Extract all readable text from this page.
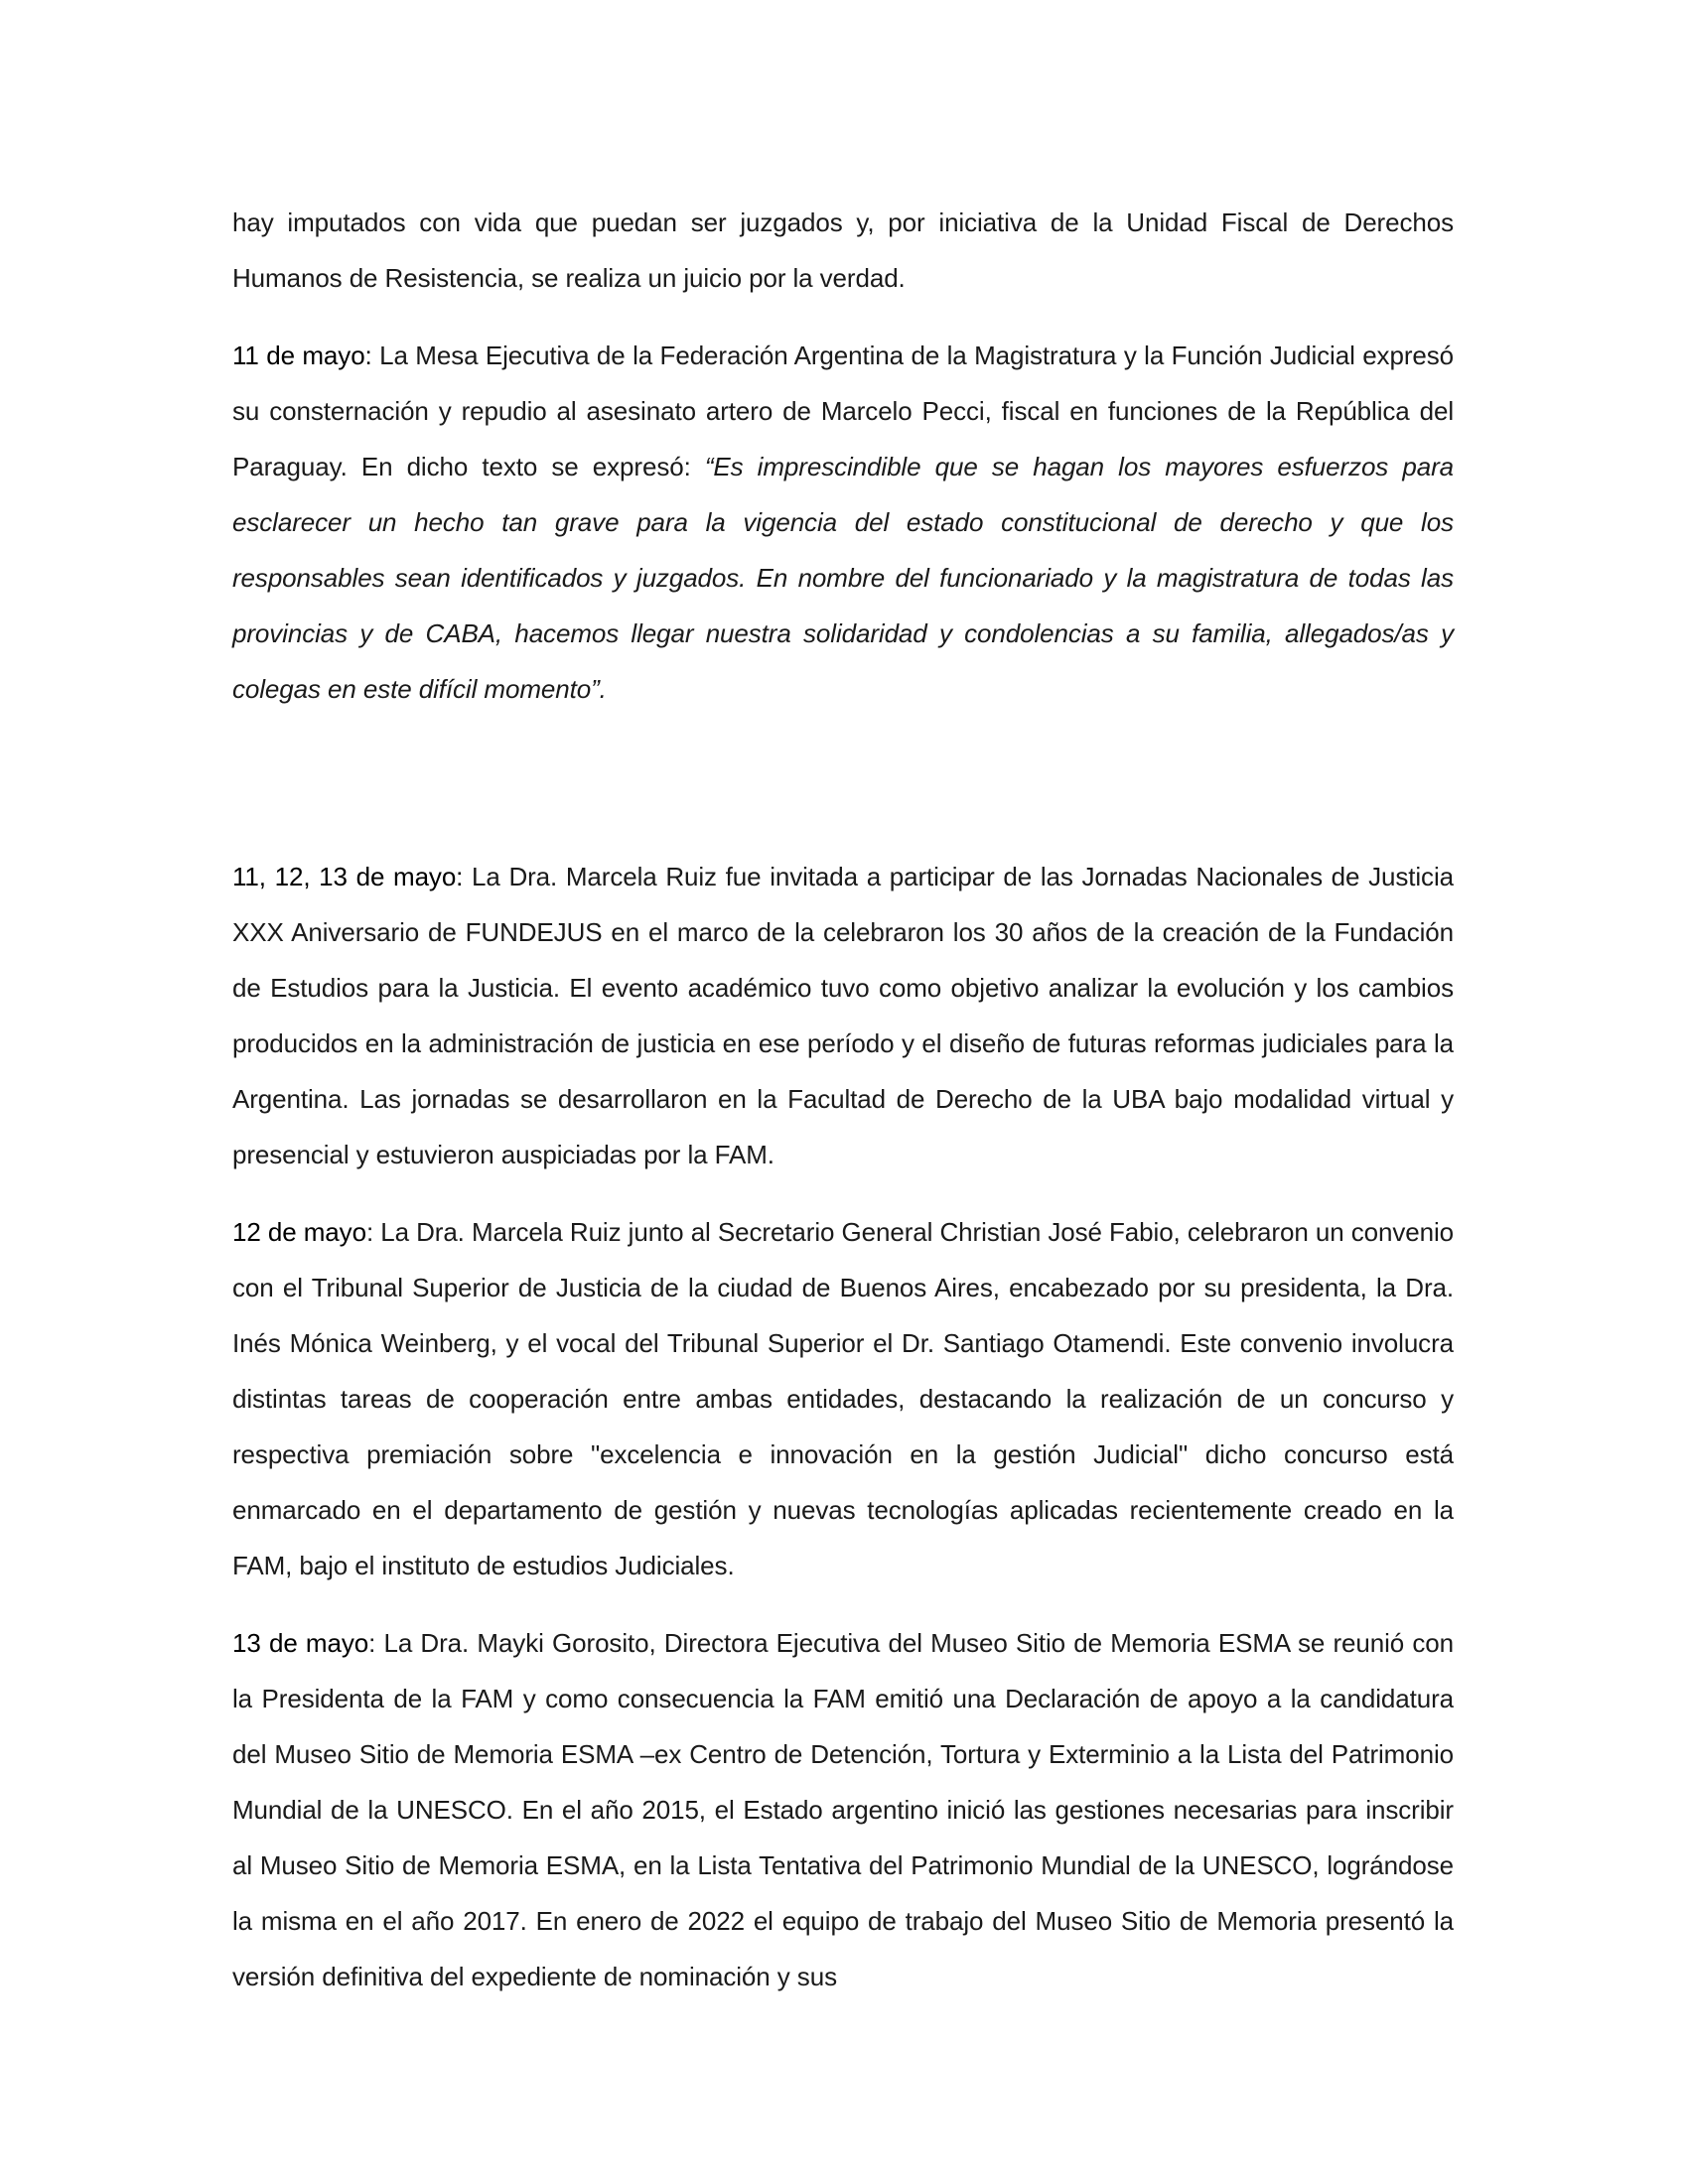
hay imputados con vida que puedan ser juzgados y, por iniciativa de la Unidad Fiscal de Derechos Humanos de Resistencia, se realiza un juicio por la verdad.

11 de mayo: La Mesa Ejecutiva de la Federación Argentina de la Magistratura y la Función Judicial expresó su consternación y repudio al asesinato artero de Marcelo Pecci, fiscal en funciones de la República del Paraguay. En dicho texto se expresó: “Es imprescindible que se hagan los mayores esfuerzos para esclarecer un hecho tan grave para la vigencia del estado constitucional de derecho y que los responsables sean identificados y juzgados. En nombre del funcionariado y la magistratura de todas las provincias y de CABA, hacemos llegar nuestra solidaridad y condolencias a su familia, allegados/as y colegas en este difícil momento”.

11, 12, 13 de mayo: La Dra. Marcela Ruiz fue invitada a participar de las Jornadas Nacionales de Justicia XXX Aniversario de FUNDEJUS en el marco de la celebraron los 30 años de la creación de la Fundación de Estudios para la Justicia. El evento académico tuvo como objetivo analizar la evolución y los cambios producidos en la administración de justicia en ese período y el diseño de futuras reformas judiciales para la Argentina. Las jornadas se desarrollaron en la Facultad de Derecho de la UBA bajo modalidad virtual y presencial y estuvieron auspiciadas por la FAM.

12 de mayo: La Dra. Marcela Ruiz junto al Secretario General Christian José Fabio, celebraron un convenio con el Tribunal Superior de Justicia de la ciudad de Buenos Aires, encabezado por su presidenta, la Dra. Inés Mónica Weinberg, y el vocal del Tribunal Superior el Dr. Santiago Otamendi. Este convenio involucra distintas tareas de cooperación entre ambas entidades, destacando la realización de un concurso y respectiva premiación sobre "excelencia e innovación en la gestión Judicial" dicho concurso está enmarcado en el departamento de gestión y nuevas tecnologías aplicadas recientemente creado en la FAM, bajo el instituto de estudios Judiciales.

13 de mayo: La Dra. Mayki Gorosito, Directora Ejecutiva del Museo Sitio de Memoria ESMA se reunió con la Presidenta de la FAM y como consecuencia la FAM emitió una Declaración de apoyo a la candidatura del Museo Sitio de Memoria ESMA –ex Centro de Detención, Tortura y Exterminio a la Lista del Patrimonio Mundial de la UNESCO. En el año 2015, el Estado argentino inició las gestiones necesarias para inscribir al Museo Sitio de Memoria ESMA, en la Lista Tentativa del Patrimonio Mundial de la UNESCO, lográndose la misma en el año 2017. En enero de 2022 el equipo de trabajo del Museo Sitio de Memoria presentó la versión definitiva del expediente de nominación y sus
